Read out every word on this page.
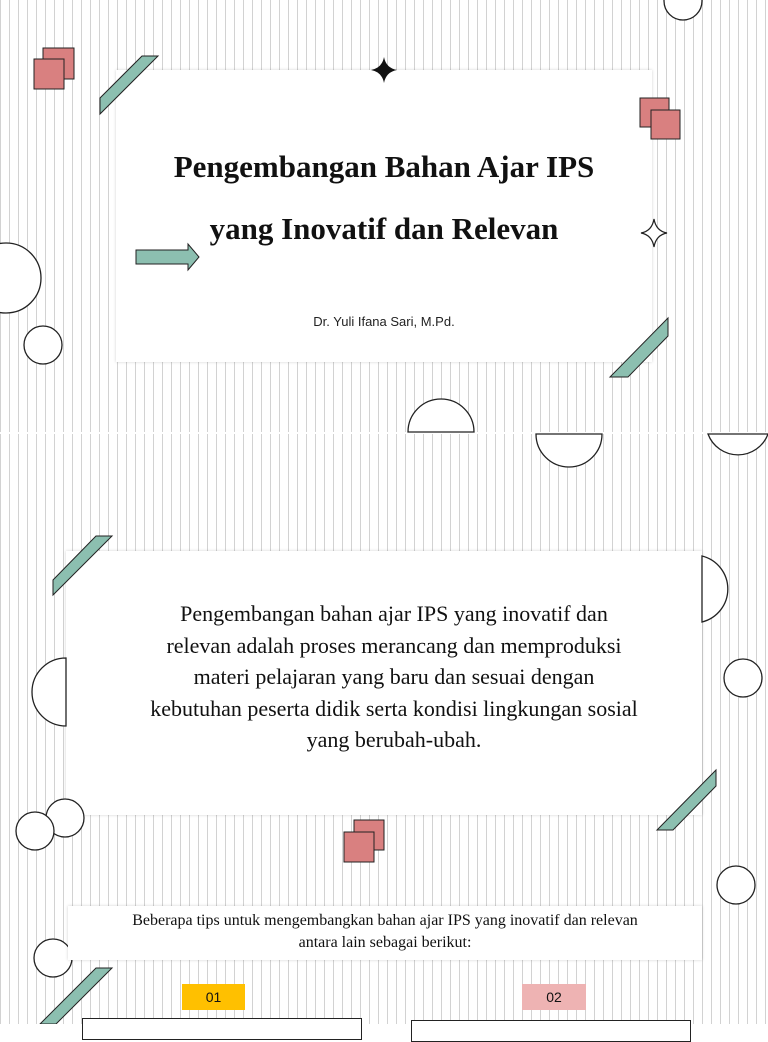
Pengembangan Bahan Ajar IPS
yang Inovatif dan Relevan
Dr. Yuli Ifana Sari, M.Pd.
Pengembangan bahan ajar IPS yang inovatif dan
relevan adalah proses merancang dan memproduksi
materi pelajaran yang baru dan sesuai dengan
kebutuhan peserta didik serta kondisi lingkungan sosial
yang berubah-ubah.
Beberapa tips untuk mengembangkan bahan ajar IPS yang inovatif dan relevan
antara lain sebagai berikut:
01	02
